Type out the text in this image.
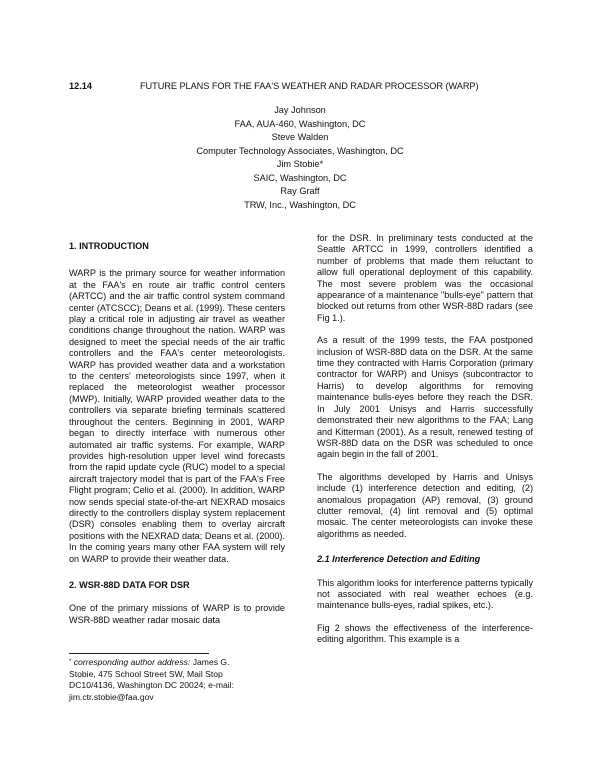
12.14	FUTURE PLANS FOR THE FAA'S WEATHER AND RADAR PROCESSOR (WARP)
Jay Johnson
FAA, AUA-460, Washington, DC
Steve Walden
Computer Technology Associates, Washington, DC
Jim Stobie*
SAIC, Washington, DC
Ray Graff
TRW, Inc., Washington, DC
1. INTRODUCTION

WARP is the primary source for weather information at the FAA's en route air traffic control centers (ARTCC) and the air traffic control system command center (ATCSCC); Deans et al. (1999). These centers play a critical role in adjusting air travel as weather conditions change throughout the nation. WARP was designed to meet the special needs of the air traffic controllers and the FAA's center meteorologists. WARP has provided weather data and a workstation to the centers' meteorologists since 1997, when it replaced the meteorologist weather processor (MWP). Initially, WARP provided weather data to the controllers via separate briefing terminals scattered throughout the centers. Beginning in 2001, WARP began to directly interface with numerous other automated air traffic systems. For example, WARP provides high-resolution upper level wind forecasts from the rapid update cycle (RUC) model to a special aircraft trajectory model that is part of the FAA's Free Flight program; Celio et al. (2000). In addition, WARP now sends special state-of-the-art NEXRAD mosaics directly to the controllers display system replacement (DSR) consoles enabling them to overlay aircraft positions with the NEXRAD data; Deans et al. (2000). In the coming years many other FAA system will rely on WARP to provide their weather data.

2. WSR-88D DATA FOR DSR

One of the primary missions of WARP is to provide WSR-88D weather radar mosaic data

* corresponding author address: James G.
Stobie, 475 School Street SW, Mail Stop
DC10/4136, Washington DC 20024; e-mail:
jim.ctr.stobie@faa.gov

for the DSR. In preliminary tests conducted at the Seattle ARTCC in 1999, controllers identified a number of problems that made them reluctant to allow full operational deployment of this capability. The most severe problem was the occasional appearance of a maintenance "bulls-eye" pattern that blocked out returns from other WSR-88D radars (see Fig 1.).

As a result of the 1999 tests, the FAA postponed inclusion of WSR-88D data on the DSR. At the same time they contracted with Harris Corporation (primary contractor for WARP) and Unisys (subcontractor to Harris) to develop algorithms for removing maintenance bulls-eyes before they reach the DSR. In July 2001 Unisys and Harris successfully demonstrated their new algorithms to the FAA; Lang and Kitterman (2001). As a result, renewed testing of WSR-88D data on the DSR was scheduled to once again begin in the fall of 2001.

The algorithms developed by Harris and Unisys include (1) interference detection and editing, (2) anomalous propagation (AP) removal, (3) ground clutter removal, (4) lint removal and (5) optimal mosaic. The center meteorologists can invoke these algorithms as needed.

2.1 Interference Detection and Editing

This algorithm looks for interference patterns typically not associated with real weather echoes (e.g. maintenance bulls-eyes, radial spikes, etc.).

Fig 2 shows the effectiveness of the interference-editing algorithm. This example is a
